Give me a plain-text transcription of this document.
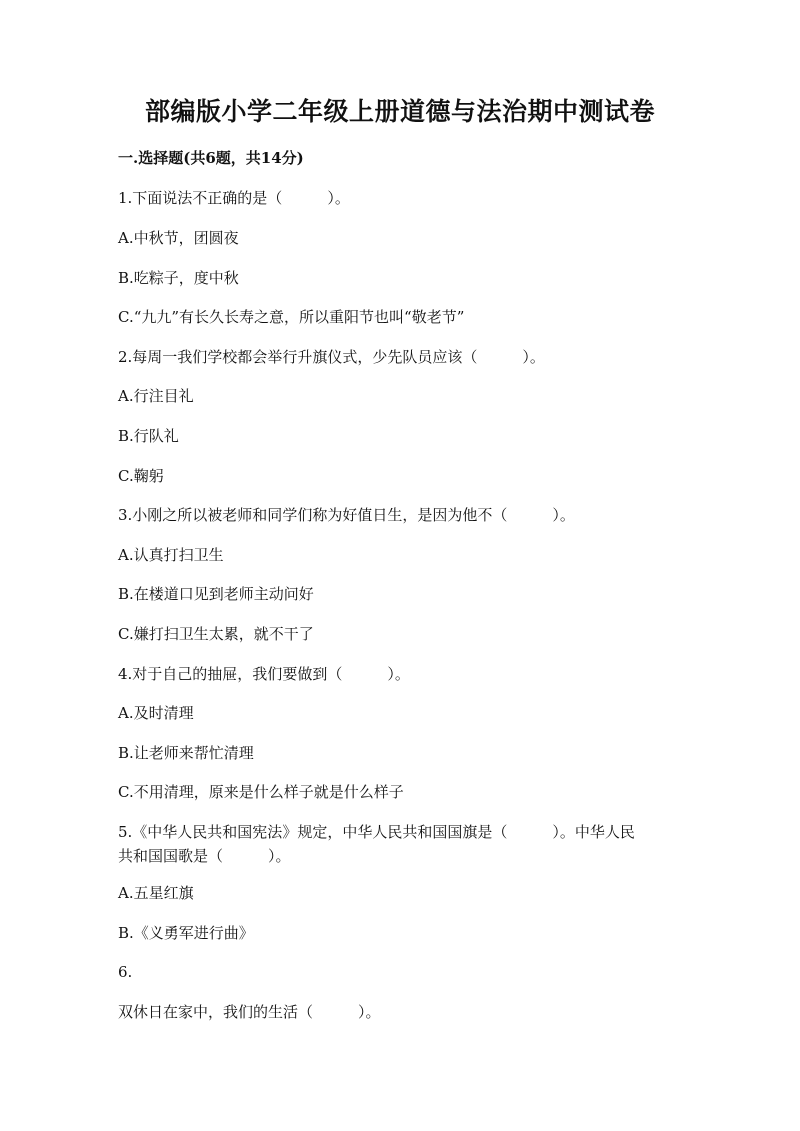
部编版小学二年级上册道德与法治期中测试卷
一.选择题(共6题，共14分)
1.下面说法不正确的是（　　　）。
A.中秋节，团圆夜
B.吃粽子，度中秋
C.“九九”有长久长寿之意，所以重阳节也叫“敬老节”
2.每周一我们学校都会举行升旗仪式，少先队员应该（　　　）。
A.行注目礼
B.行队礼
C.鞠躬
3.小刚之所以被老师和同学们称为好值日生，是因为他不（　　　）。
A.认真打扫卫生
B.在楼道口见到老师主动问好
C.嫌打扫卫生太累，就不干了
4.对于自己的抽屉，我们要做到（　　　）。
A.及时清理
B.让老师来帮忙清理
C.不用清理，原来是什么样子就是什么样子
5.《中华人民共和国宪法》规定，中华人民共和国国旗是（　　　）。中华人民
共和国国歌是（　　　）。
A.五星红旗
B.《义勇军进行曲》
6.
双休日在家中，我们的生活（　　　）。
